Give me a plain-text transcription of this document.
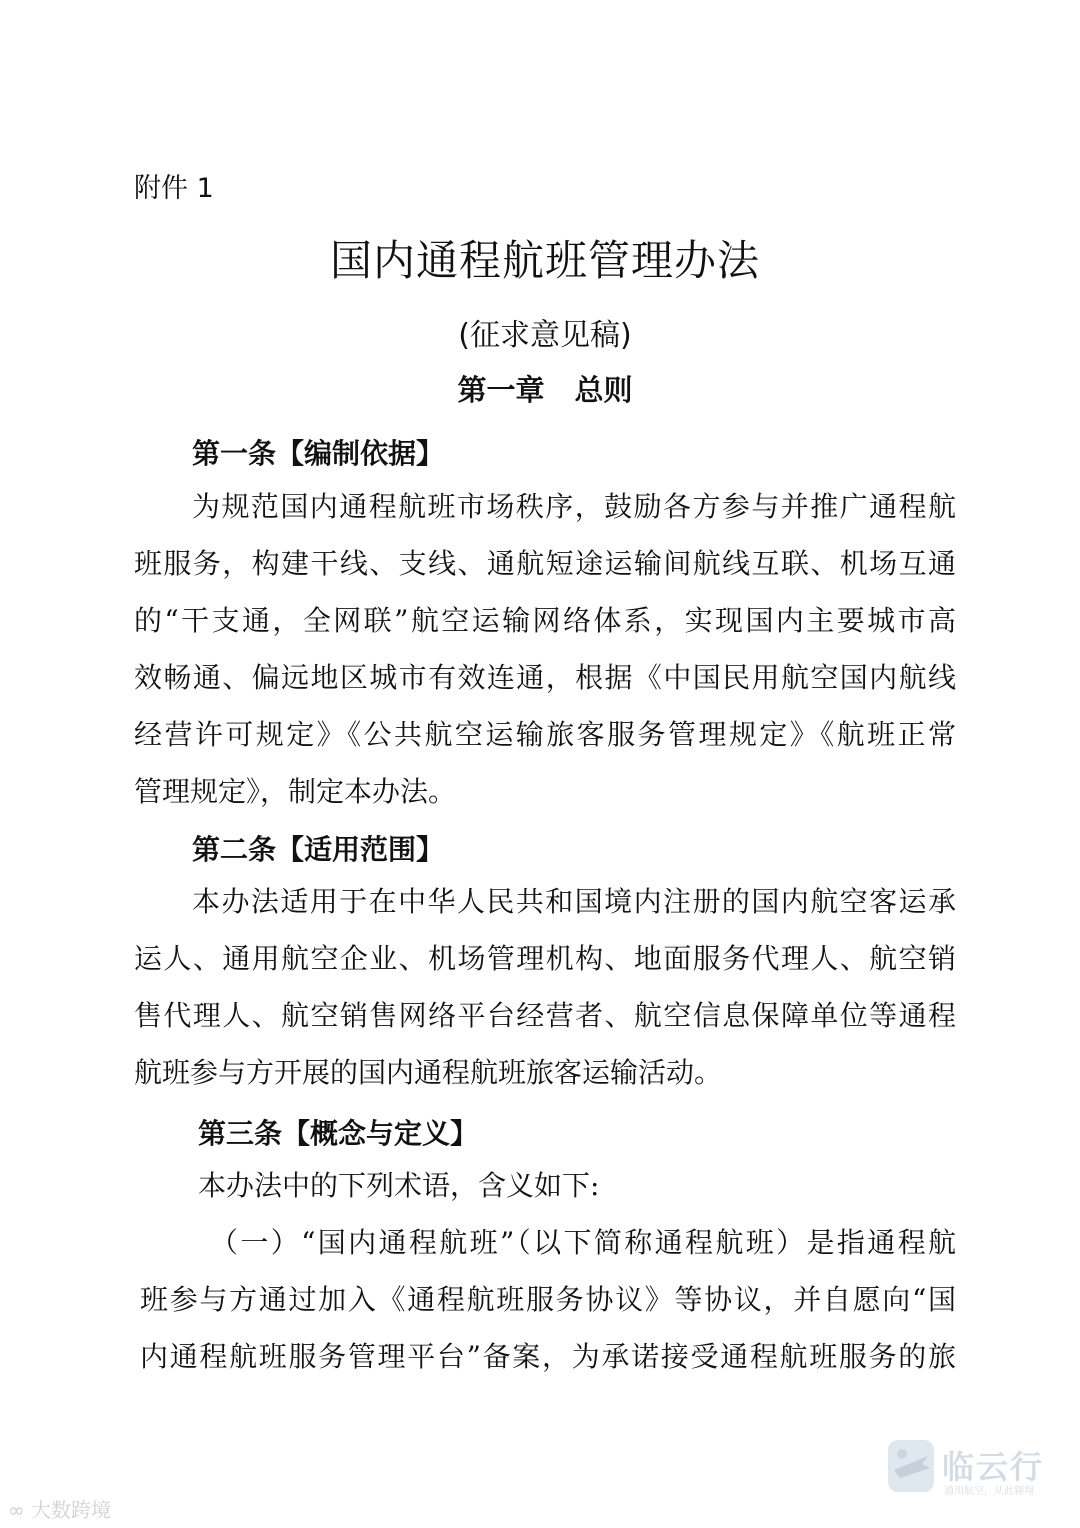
附件 1
国内通程航班管理办法
(征求意见稿)
第一章 总则
第一条【编制依据】
为规范国内通程航班市场秩序，鼓励各方参与并推广通程航
班服务，构建干线、支线、通航短途运输间航线互联、机场互通
的“干支通，全网联”航空运输网络体系，实现国内主要城市高
效畅通、偏远地区城市有效连通，根据《中国民用航空国内航线
经营许可规定》《公共航空运输旅客服务管理规定》《航班正常
管理规定》，制定本办法。
第二条【适用范围】
本办法适用于在中华人民共和国境内注册的国内航空客运承
运人、通用航空企业、机场管理机构、地面服务代理人、航空销
售代理人、航空销售网络平台经营者、航空信息保障单位等通程
航班参与方开展的国内通程航班旅客运输活动。
第三条【概念与定义】
本办法中的下列术语，含义如下:
（一）“国内通程航班”（以下简称通程航班）是指通程航
班参与方通过加入《通程航班服务协议》等协议，并自愿向“国
内通程航班服务管理平台”备案，为承诺接受通程航班服务的旅
临云行
通用航空，从此翱翔
∞ 大数跨境
